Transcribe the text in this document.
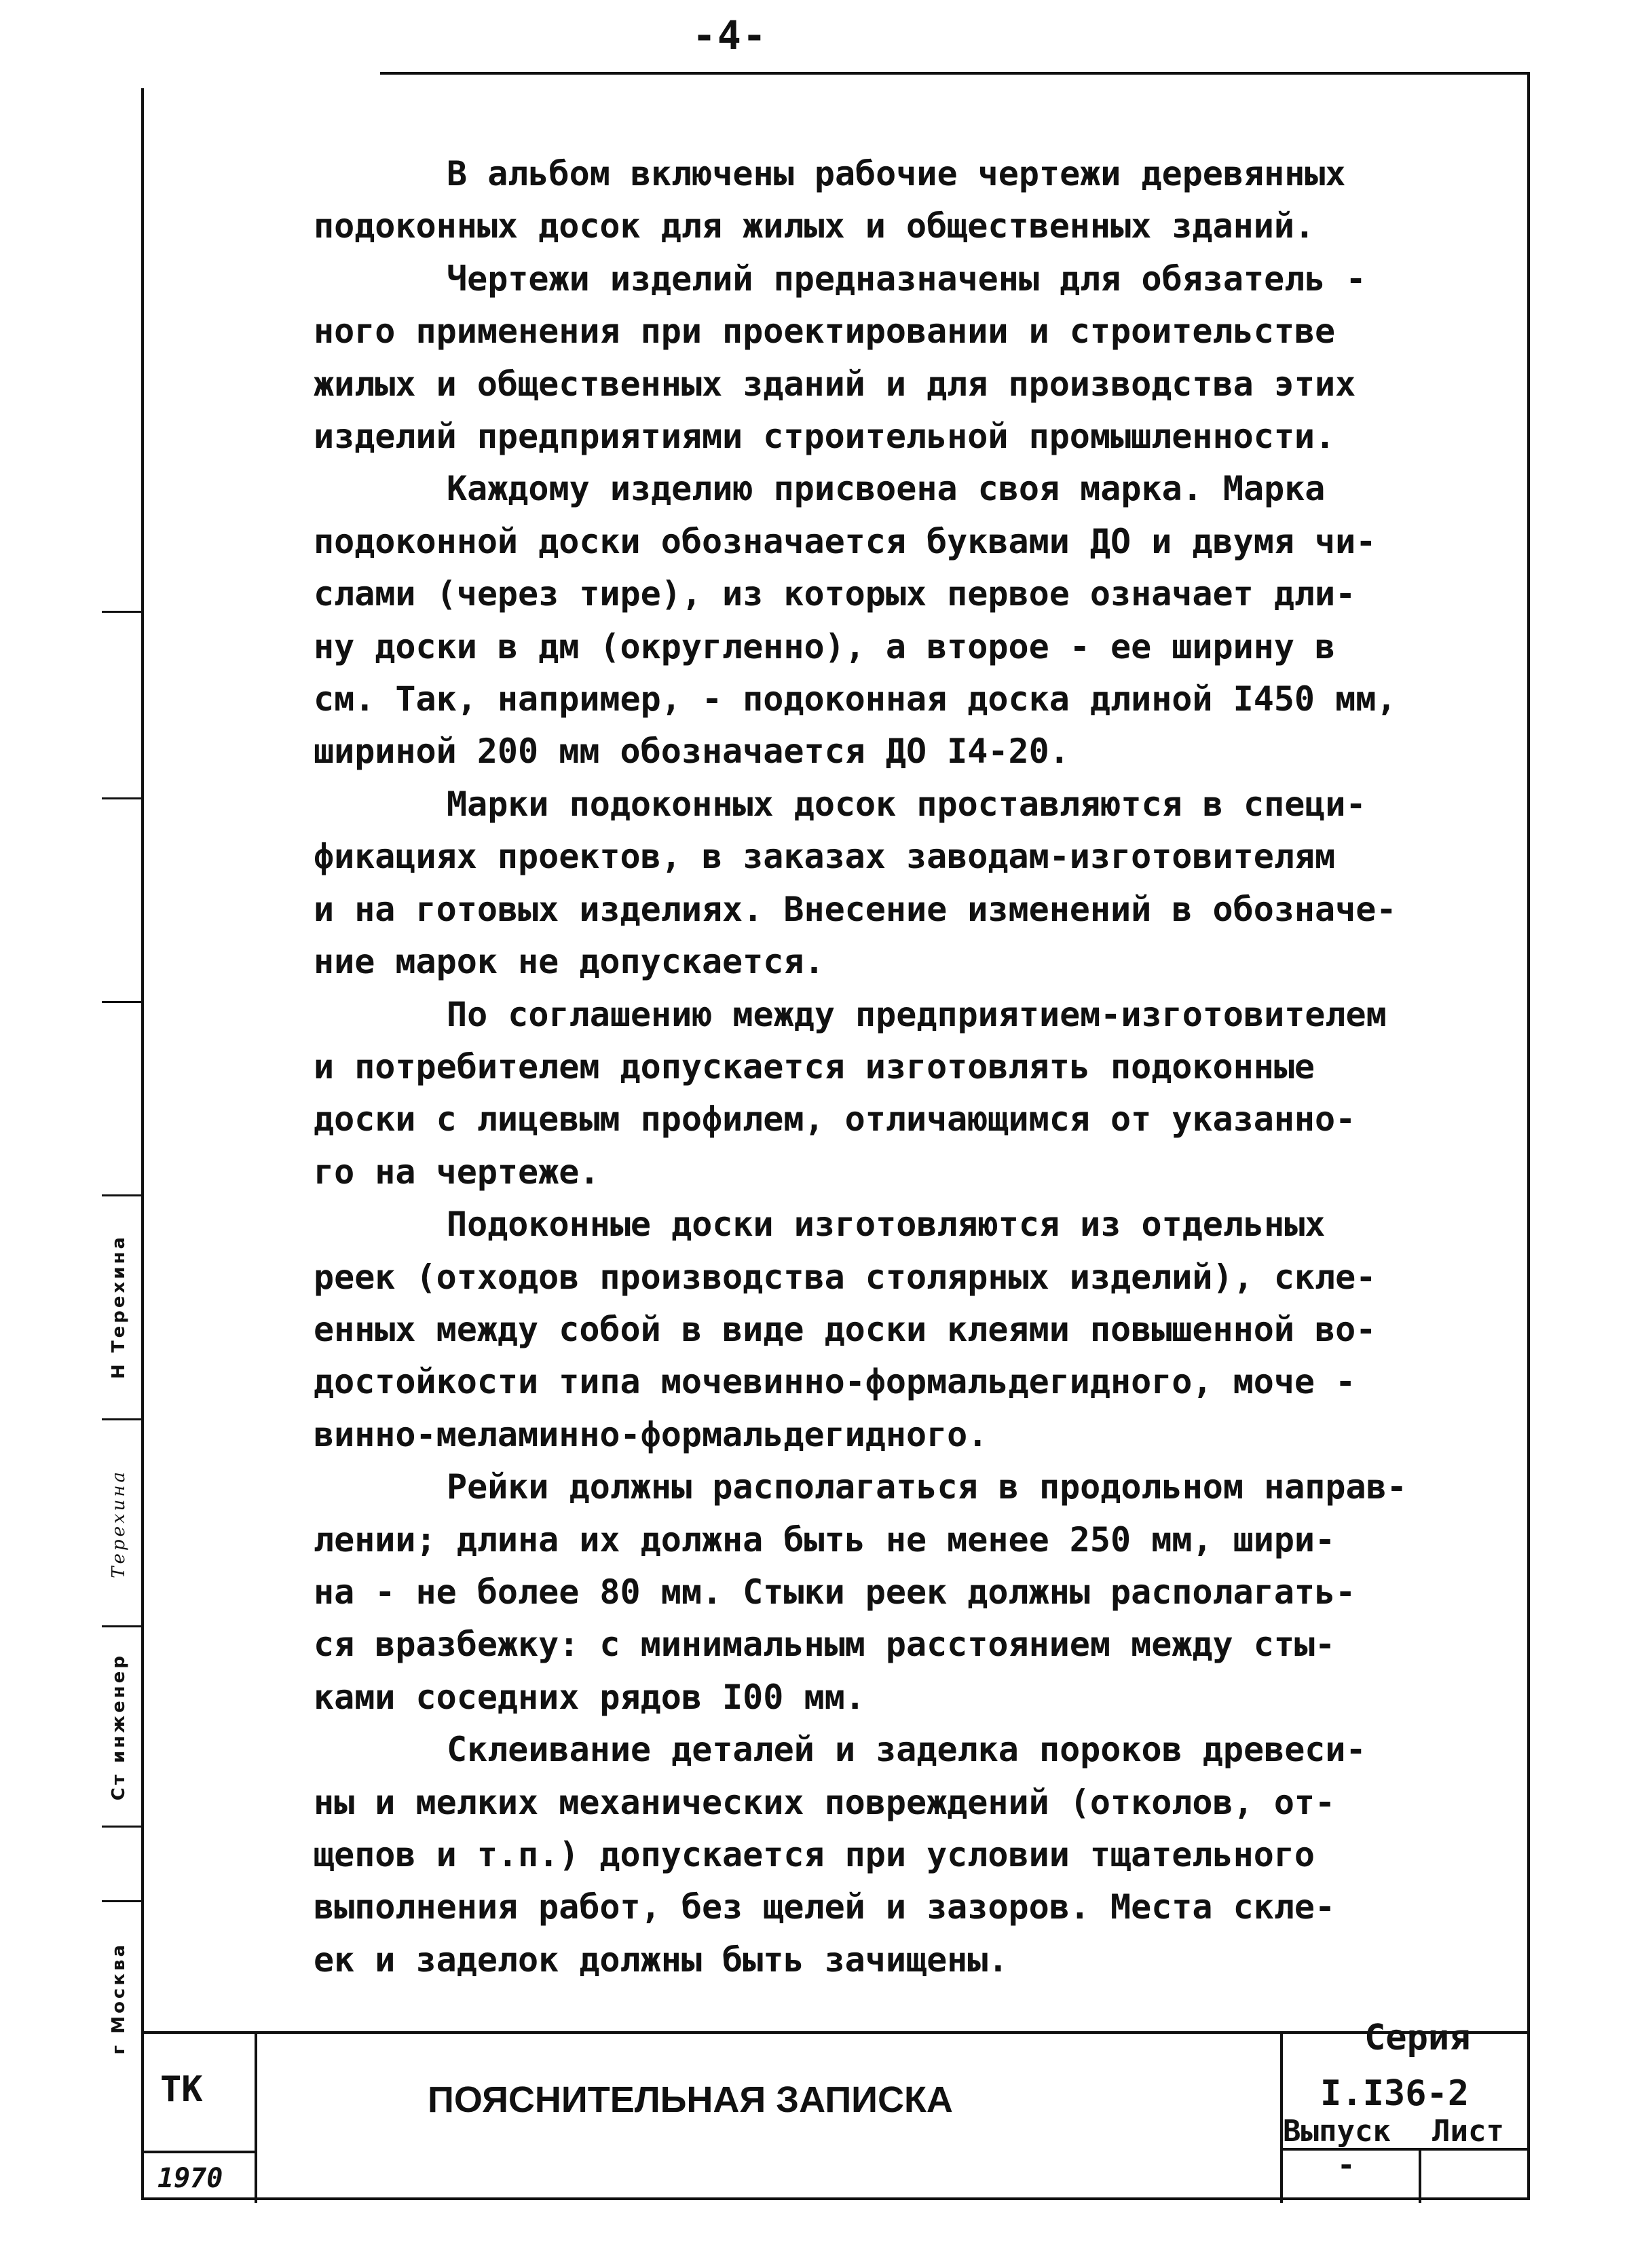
-4-
Н Терехина
Терехина
Ст инженер
г Москва

В альбом включены рабочие чертежи деревянных
подоконных досок для жилых и общественных зданий.

Чертежи изделий предназначены для обязатель -
ного применения при проектировании и строительстве
жилых и общественных зданий и для производства этих
изделий предприятиями строительной промышленности.

Каждому изделию присвоена своя марка. Марка
подоконной доски обозначается буквами ДО и двумя чи-
слами (через тире), из которых первое означает дли-
ну доски в дм (округленно), а второе - ее ширину в
см. Так, например, - подоконная доска длиной I450 мм,
шириной 200 мм обозначается ДО I4-20.

Марки подоконных досок проставляются в специ-
фикациях проектов, в заказах заводам-изготовителям
и на готовых изделиях. Внесение изменений в обозначе-
ние марок не допускается.

По соглашению между предприятием-изготовителем
и потребителем допускается изготовлять подоконные
доски с лицевым профилем, отличающимся от указанно-
го на чертеже.

Подоконные доски изготовляются из отдельных
реек (отходов производства столярных изделий), скле-
енных между собой в виде доски клеями повышенной во-
достойкости типа мочевинно-формальдегидного, моче -
винно-меламинно-формальдегидного.

Рейки должны располагаться в продольном направ-
лении; длина их должна быть не менее 250 мм, шири-
на - не более 80 мм. Стыки реек должны располагать-
ся вразбежку: с минимальным расстоянием между сты-
ками соседних рядов I00 мм.

Склеивание деталей и заделка пороков древеси-
ны и мелких механических повреждений (отколов, от-
щепов и т.п.) допускается при условии тщательного
выполнения работ, без щелей и зазоров. Места скле-
ек и заделок должны быть зачищены.

ТК
1970
ПОЯСНИТЕЛЬНАЯ ЗАПИСКА
Серия
I.I36-2
Выпуск Лист
-
